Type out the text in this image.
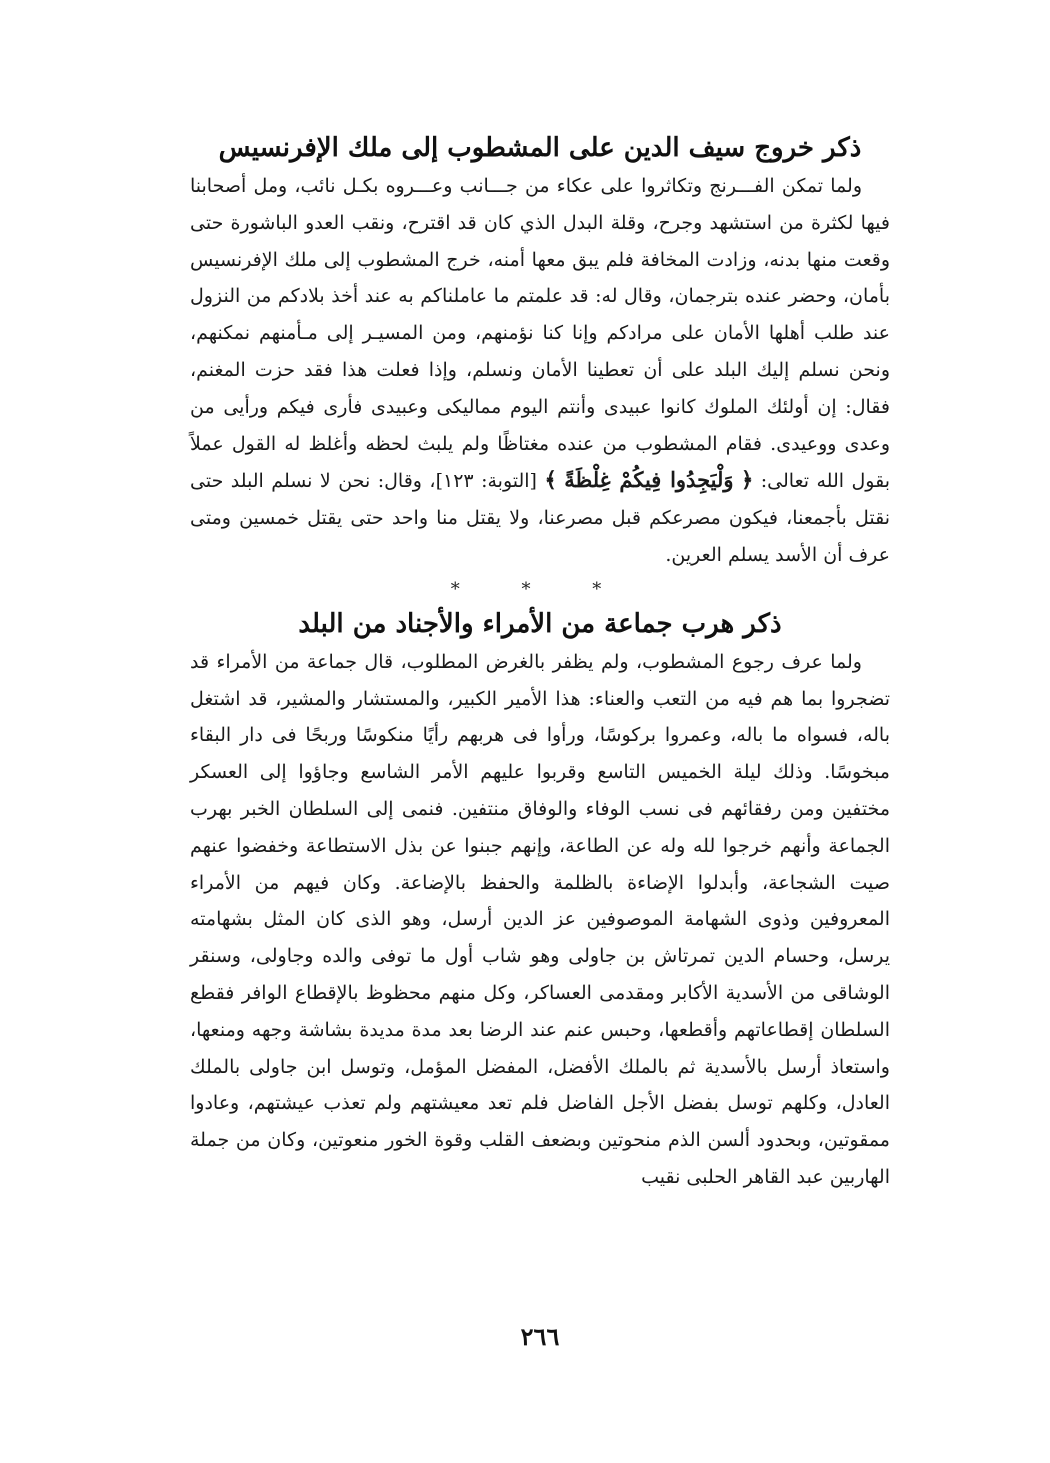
ذكر خروج سيف الدين على المشطوب إلى ملك الإفرنسيس

ولما تمكن الفـــرنج وتكاثروا على عكاء من جـــانب وعـــروه بكـل نائب، ومل أصحابنا فيها لكثرة من استشهد وجرح، وقلة البدل الذي كان قد اقترح، ونقب العدو الباشورة حتى وقعت منها بدنه، وزادت المخافة فلم يبق معها أمنه، خرج المشطوب إلى ملك الإفرنسيس بأمان، وحضر عنده بترجمان، وقال له: قد علمتم ما عاملناكم به عند أخذ بلادكم من النزول عند طلب أهلها الأمان على مرادكم وإنا كنا نؤمنهم، ومن المسيـر إلى مـأمنهم نمكنهم، ونحن نسلم إليك البلد على أن تعطينا الأمان ونسلم، وإذا فعلت هذا فقد حزت المغنم، فقال: إن أولئك الملوك كانوا عبيدى وأنتم اليوم مماليكى وعبيدى فأرى فيكم ورأيى من وعدى ووعيدى. فقام المشطوب من عنده مغتاظًا ولم يلبث لحظه وأغلظ له القول عملاً بقول الله تعالى: ﴿ وَلْيَجِدُوا فِيكُمْ غِلْظَةً ﴾ [التوبة: ١٢٣]، وقال: نحن لا نسلم البلد حتى نقتل بأجمعنا، فيكون مصرعكم قبل مصرعنا، ولا يقتل منا واحد حتى يقتل خمسين ومتى عرف أن الأسد يسلم العرين.

* * *
ذكر هرب جماعة من الأمراء والأجناد من البلد

ولما عرف رجوع المشطوب، ولم يظفر بالغرض المطلوب، قال جماعة من الأمراء قد تضجروا بما هم فيه من التعب والعناء: هذا الأمير الكبير، والمستشار والمشير، قد اشتغل باله، فسواه ما باله، وعمروا بركوسًا، ورأوا فى هربهم رأيًا منكوسًا وربحًا فى دار البقاء مبخوسًا. وذلك ليلة الخميس التاسع وقربوا عليهم الأمر الشاسع وجاؤوا إلى العسكر مختفين ومن رفقائهم فى نسب الوفاء والوفاق منتفين. فنمى إلى السلطان الخبر بهرب الجماعة وأنهم خرجوا لله وله عن الطاعة، وإنهم جبنوا عن بذل الاستطاعة وخفضوا عنهم صيت الشجاعة، وأبدلوا الإضاءة بالظلمة والحفظ بالإضاعة. وكان فيهم من الأمراء المعروفين وذوى الشهامة الموصوفين عز الدين أرسل، وهو الذى كان المثل بشهامته يرسل، وحسام الدين تمرتاش بن جاولى وهو شاب أول ما توفى والده وجاولى، وسنقر الوشاقى من الأسدية الأكابر ومقدمى العساكر، وكل منهم محظوظ بالإقطاع الوافر فقطع السلطان إقطاعاتهم وأقطعها، وحبس عنم عند الرضا بعد مدة مديدة بشاشة وجهه ومنعها، واستعاذ أرسل بالأسدية ثم بالملك الأفضل، المفضل المؤمل، وتوسل ابن جاولى بالملك العادل، وكلهم توسل بفضل الأجل الفاضل فلم تعد معيشتهم ولم تعذب عيشتهم، وعادوا ممقوتين، وبحدود ألسن الذم منحوتين وبضعف القلب وقوة الخور منعوتين، وكان من جملة الهاربين عبد القاهر الحلبى نقيب

٢٦٦
